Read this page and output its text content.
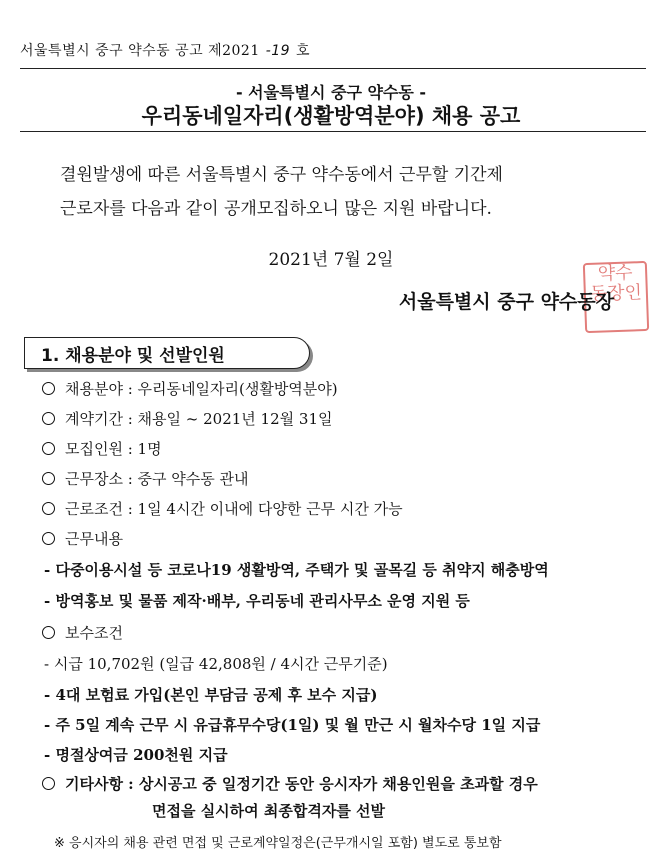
서울특별시 중구 약수동 공고 제2021 -19 호
- 서울특별시 중구 약수동 -
우리동네일자리(생활방역분야) 채용 공고
결원발생에 따른 서울특별시 중구 약수동에서 근무할 기간제
근로자를 다음과 같이 공개모집하오니 많은 지원 바랍니다.
2021년 7월 2일
약수
동장인
서울특별시 중구 약수동장
1. 채용분야 및 선발인원
채용분야 : 우리동네일자리(생활방역분야)
계약기간 : 채용일 ~ 2021년 12월 31일
모집인원 : 1명
근무장소 : 중구 약수동 관내
근로조건 : 1일 4시간 이내에 다양한 근무 시간 가능
근무내용
- 다중이용시설 등 코로나19 생활방역, 주택가 및 골목길 등 취약지 해충방역
- 방역홍보 및 물품 제작·배부, 우리동네 관리사무소 운영 지원 등
보수조건
- 시급 10,702원 (일급 42,808원 / 4시간 근무기준)
- 4대 보험료 가입(본인 부담금 공제 후 보수 지급)
- 주 5일 계속 근무 시 유급휴무수당(1일) 및 월 만근 시 월차수당 1일 지급
- 명절상여금 200천원 지급
기타사항 : 상시공고 중 일정기간 동안 응시자가 채용인원을 초과할 경우
면접을 실시하여 최종합격자를 선발
※ 응시자의 채용 관련 면접 및 근로계약일정은(근무개시일 포함) 별도로 통보함
